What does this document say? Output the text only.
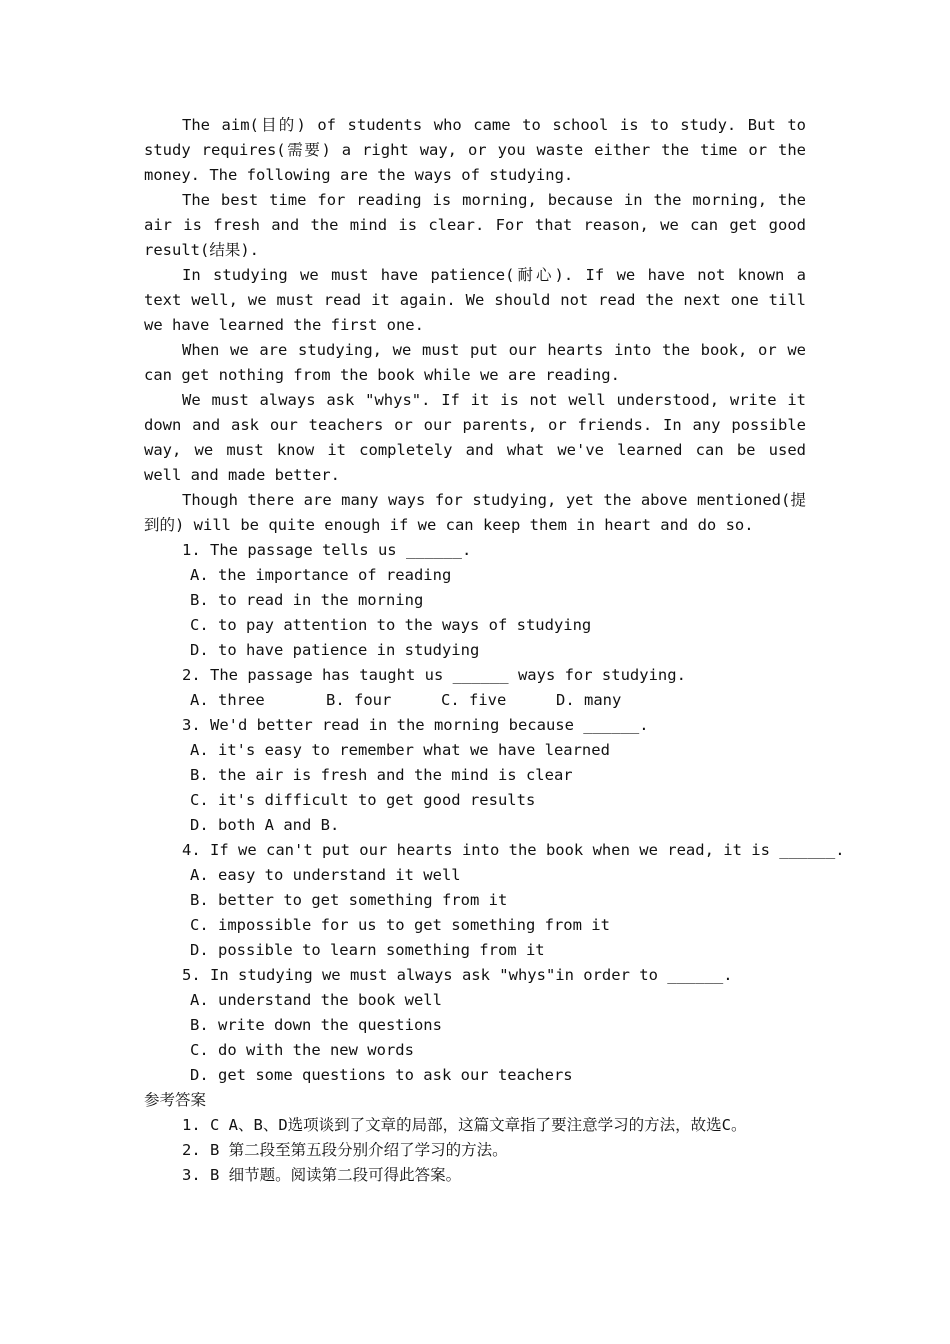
The aim(目的) of students who came to school is to study. But to study requires(需要) a right way, or you waste either the time or the money. The following are the ways of studying.

The best time for reading is morning, because in the morning, the air is fresh and the mind is clear. For that reason, we can get good result(结果).

In studying we must have patience(耐心). If we have not known a text well, we must read it again. We should not read the next one till we have learned the first one.

When we are studying, we must put our hearts into the book, or we can get nothing from the book while we are reading.

We must always ask "whys". If it is not well understood, write it down and ask our teachers or our parents, or friends. In any possible way, we must know it completely and what we've learned can be used well and made better.

Though there are many ways for studying, yet the above mentioned(提到的) will be quite enough if we can keep them in heart and do so.

1. The passage tells us ______.

A. the importance of reading

B. to read in the morning

C. to pay attention to the ways of studying

D. to have patience in studying

2. The passage has taught us ______ ways for studying.

A. three	B. four	C. five	D. many

3. We'd better read in the morning because ______.

A. it's easy to remember what we have learned

B. the air is fresh and the mind is clear

C. it's difficult to get good results

D. both A and B.

4. If we can't put our hearts into the book when we read, it is ______.

A. easy to understand it well

B. better to get something from it

C. impossible for us to get something from it

D. possible to learn something from it

5. In studying we must always ask "whys"in order to ______.

A. understand the book well

B. write down the questions

C. do with the new words

D. get some questions to ask our teachers

参考答案

1. C A、B、D选项谈到了文章的局部，这篇文章指了要注意学习的方法，故选C。

2. B 第二段至第五段分别介绍了学习的方法。

3. B 细节题。阅读第二段可得此答案。
